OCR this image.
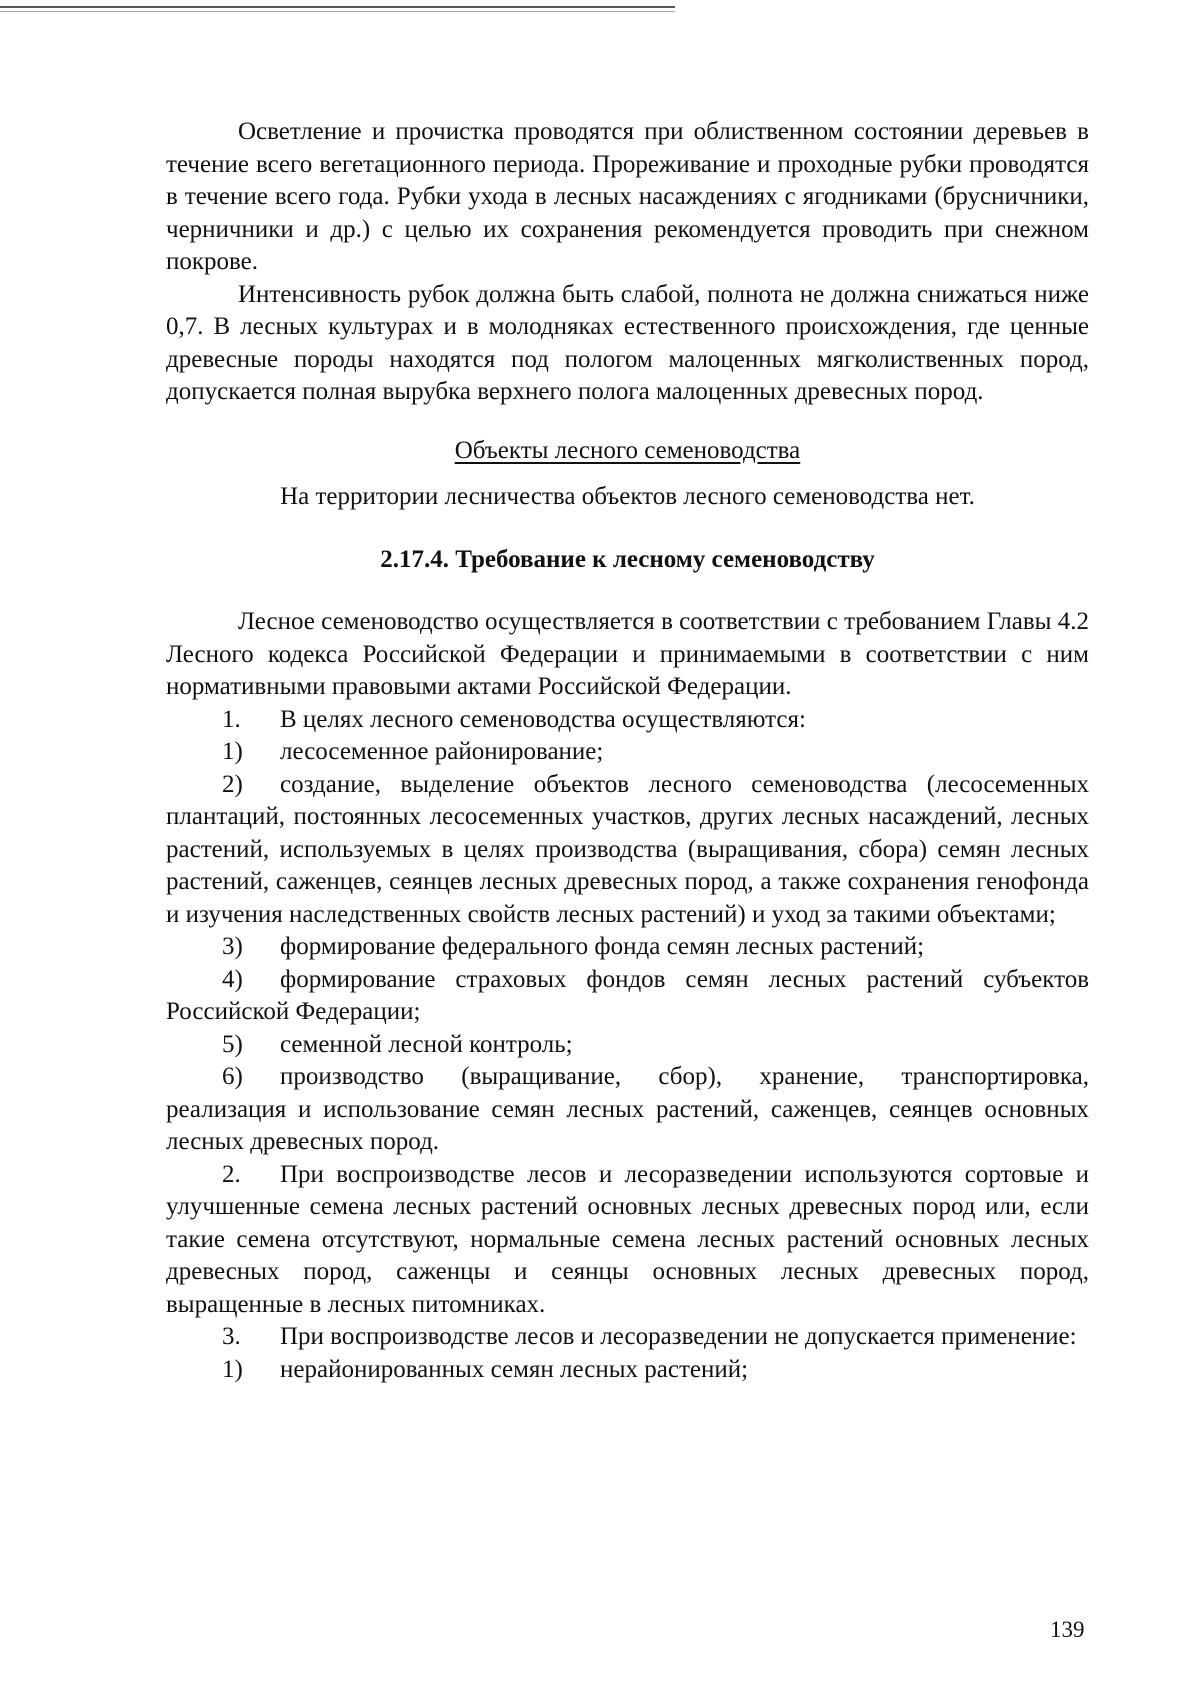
Осветление и прочистка проводятся при облиственном состоянии деревьев в течение всего вегетационного периода. Прореживание и проходные рубки проводятся в течение всего года. Рубки ухода в лесных насаждениях с ягодниками (брусничники, черничники и др.) с целью их сохранения рекомендуется проводить при снежном покрове.

Интенсивность рубок должна быть слабой, полнота не должна снижаться ниже 0,7. В лесных культурах и в молодняках естественного происхождения, где ценные древесные породы находятся под пологом малоценных мягколиственных пород, допускается полная вырубка верхнего полога малоценных древесных пород.

Объекты лесного семеноводства

На территории лесничества объектов лесного семеноводства нет.

2.17.4. Требование к лесному семеноводству

Лесное семеноводство осуществляется в соответствии с требованием Главы 4.2 Лесного кодекса Российской Федерации и принимаемыми в соответствии с ним нормативными правовыми актами Российской Федерации.

1. В целях лесного семеноводства осуществляются:

1) лесосеменное районирование;

2) создание, выделение объектов лесного семеноводства (лесосеменных плантаций, постоянных лесосеменных участков, других лесных насаждений, лесных растений, используемых в целях производства (выращивания, сбора) семян лесных растений, саженцев, сеянцев лесных древесных пород, а также сохранения генофонда и изучения наследственных свойств лесных растений) и уход за такими объектами;

3) формирование федерального фонда семян лесных растений;

4) формирование страховых фондов семян лесных растений субъектов Российской Федерации;

5) семенной лесной контроль;

6) производство (выращивание, сбор), хранение, транспортировка, реализация и использование семян лесных растений, саженцев, сеянцев основных лесных древесных пород.

2. При воспроизводстве лесов и лесоразведении используются сортовые и улучшенные семена лесных растений основных лесных древесных пород или, если такие семена отсутствуют, нормальные семена лесных растений основных лесных древесных пород, саженцы и сеянцы основных лесных древесных пород, выращенные в лесных питомниках.

3. При воспроизводстве лесов и лесоразведении не допускается применение:

1) нерайонированных семян лесных растений;

139
